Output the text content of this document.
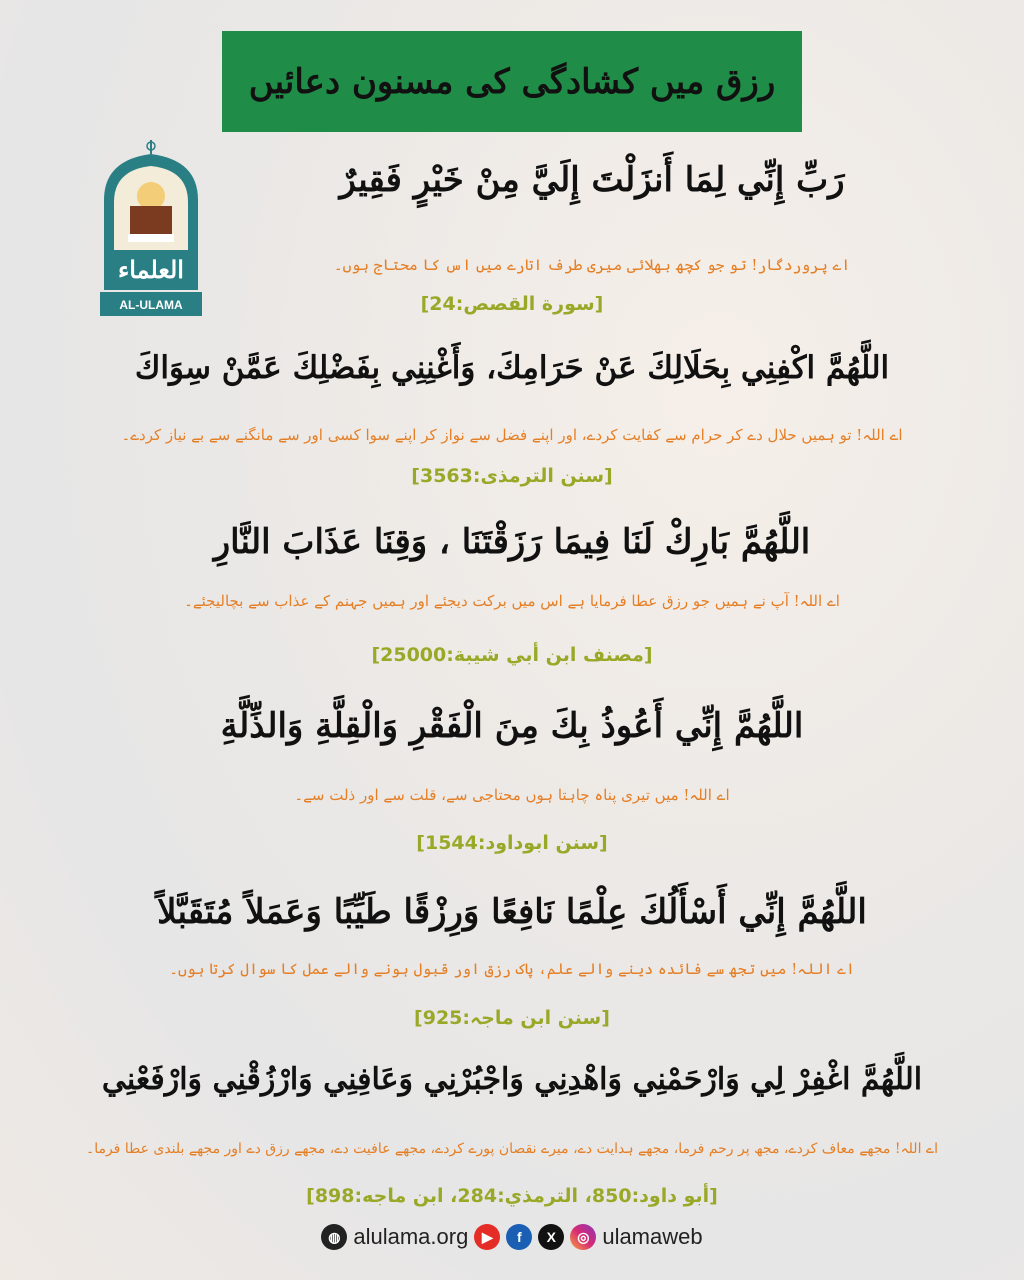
رزق میں کشادگی کی مسنون دعائیں
العلماء
AL-ULAMA
رَبِّ إِنِّي لِمَا أَنزَلْتَ إِلَيَّ مِنْ خَيْرٍ فَقِيرٌ
اے پروردگار! تو جو کچھ بھلائی میری طرف اتارے میں اس کا محتاج ہوں۔
[سورة القصص:24]
اللَّهُمَّ اكْفِنِي بِحَلَالِكَ عَنْ حَرَامِكَ، وَأَغْنِنِي بِفَضْلِكَ عَمَّنْ سِوَاكَ
اے اللہ! تو ہمیں حلال دے کر حرام سے کفایت کردے، اور اپنے فضل سے نواز کر اپنے سوا کسی اور سے مانگنے سے بے نیاز کردے۔
[سنن الترمذی:3563]
اللَّهُمَّ بَارِكْ لَنَا فِيمَا رَزَقْتَنَا ، وَقِنَا عَذَابَ النَّارِ
اے اللہ! آپ نے ہمیں جو رزق عطا فرمایا ہے اس میں برکت دیجئے اور ہمیں جہنم کے عذاب سے بچالیجئے۔
[مصنف ابن أبي شيبة:25000]
اللَّهُمَّ إِنِّي أَعُوذُ بِكَ مِنَ الْفَقْرِ وَالْقِلَّةِ وَالذِّلَّةِ
اے اللہ! میں تیری پناہ چاہتا ہوں محتاجی سے، قلت سے اور ذلت سے۔
[سنن ابوداود:1544]
اللَّهُمَّ إِنِّي أَسْأَلُكَ عِلْمًا نَافِعًا وَرِزْقًا طَيِّبًا وَعَمَلاً مُتَقَبَّلاً
اے اللہ! میں تجھ سے فائدہ دینے والے علم، پاک رزق اور قبول ہونے والے عمل کا سوال کرتا ہوں۔
[سنن ابن ماجہ:925]
اللَّهُمَّ اغْفِرْ لِي وَارْحَمْنِي وَاهْدِنِي وَاجْبُرْنِي وَعَافِنِي وَارْزُقْنِي وَارْفَعْنِي
اے اللہ! مجھے معاف کردے، مجھ پر رحم فرما، مجھے ہدایت دے، میرے نقصان پورے کردے، مجھے عافیت دے، مجھے رزق دے اور مجھے بلندی عطا فرما۔
[أبو داود:850، الترمذي:284، ابن ماجه:898]
◍ alulama.org ▶	f	X	◎ ulamaweb
